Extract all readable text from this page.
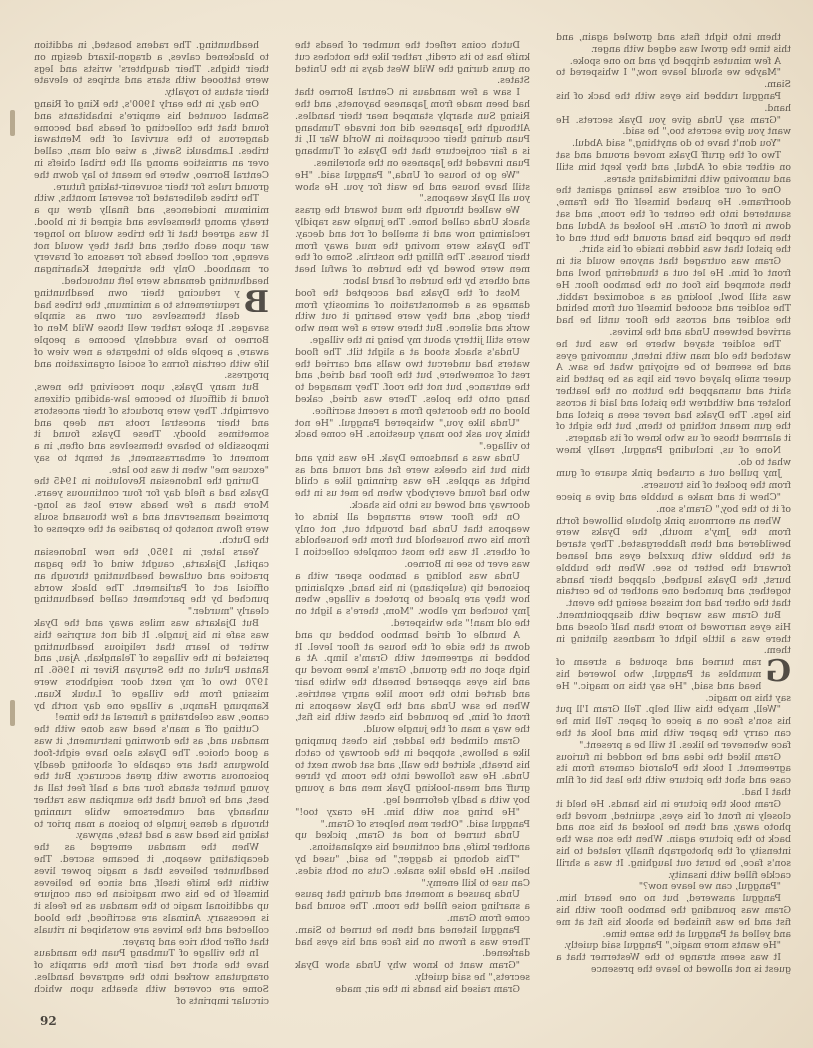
headhunting. The radens boasted, in addition to blackened calves, a dragon-lizard design on their thighs. Their daughters' wrists and legs were tattooed with stars and stripes to elevate their status to royalty.

One day, in the early 1900's, the King of Riang Sambal counted his empire's inhabitants and found that the collecting of heads had become dangerous to the survival of the Mentawai tribes. Lambauki Sawit, a wise old man, called over an armistice among all the tribal chiefs in Central Borneo, where he meant to lay down the ground rules for their souvenir-taking future.

The tribes deliberated for several months, with minimum incidences, and finally drew up a treaty among themselves and signed it in blood. It was agreed that if the tribes would no longer war upon each other, and that they would not avenge, nor collect heads for reasons of bravery or manhood. Only the stringent Kaharingan headhunting demands were left untouched.

B
y reducing their own headhunting requirements to a minimum, the tribes had dealt themselves our own as simple savages. It spoke rather well those Wild Men of Borneo to have suddenly become a people aware, a people able to integrate a new view of life with certain forms of social organization and progress.

But many Dyaks, upon receiving the news, found it difficult to become law-abiding citizens overnight. They were products of their ancestors and their ancestral roots ran deep and sometimes bloody. These Dyaks found it impossible to behave themselves and often, in a moment of embarrassment, at tempt to say "excuse me" when it was too late.

During the Indonesian Revolution in 1945 the Dyaks had a field day for four continuous years. More than a few heads were lost as long-promised manservant and a few thousand souls were flown nonstop to paradise at the expense of the Dutch.

Years later, in 1950, the new Indonesian capital, Djakarta, caught wind of the pagan practice and outlawed headhunting through an official act of Parliament. The black words punched by the parchment called headhunting clearly "murder."

But Djakarta was miles away and the Dyak was safe in his jungle. It did not surprise this writer to learn that religious headhunting persisted in the villages of Telangkah, Ajau, and Rantau Pulut on the Seruyan River in 1966. In 1970 two of my next door neighbors were missing from the village of Lubuk Kuan. Kampung Hampu, a village one day north by canoe, was celebrating a funeral at the time!

Cutting off a man's head was done with the mandau and, as the drowning instrument, it was a good choice. The Dyaks also have eight-foot blowguns that are capable of shooting deadly poisonous arrows with great accuracy. But the young hunter stands four and a half feet tall at best, and he found that the sumpitan was rather unhandy and cumbersome while running through a dense jungle to poison a man prior to taking his head was a bad taste, anyway.

When the mandau emerged as the decapitating weapon, it became sacred. The headhunter believes that a magic power lives within the knife itself, and since he believes himself to be his own magician he can conjure up additional magic to the mandau as he feels it is necessary. Animals are sacrificed, the blood collected and the knives are worshiped in rituals that offer both rice and prayer.

In the village of Tumbang Puan the mandaus have the short red hair from the armpits of orangutans worked into the engraved handles. Some are covered with sheaths upon which circular imprints of

Dutch coins reflect the number of heads the knife has to its credit, rather like the notches cut on guns during the Wild West days in the United States.

I saw a few mandaus in Central Borneo that had been made from Japanese bayonets, and the Rising Sun sharply stamped near their handles. Although the Japanese did not invade Tumbang Puan during their occupation in World War II, it is a fair conjecture that the Dyaks of Tumbang Puan invaded the Japanese on the shorelines.

"We go to house of Unda," Panggul said. "He still have house and he wait for you. He show you all Dyak weapons."

We walked through the mud toward the grass shack Unda called home. The jungle was rapidly reclaiming now and it smelled of rot and decay. The Dyaks were moving the mud away from their houses. The filling the nostrils. Some of the men were bowed by the burden of awful heat and others by the burden of hard labor.

Most of the Dyaks had accepted the food damage as a demonstration of animosity from their gods, and they were bearing it out with work and silence. But there were a few men who were still jittery about my being in the village.

Unda's shack stood at a slight tilt. The flood waters had undercut two walls and carried the rest of somewhere, but the floor had dried, and the entrance, but not the roof. They managed to hang onto the poles. There was dried, caked blood on the doorstep from a recent sacrifice.

"Unda like you," whispered Panggul. "He not think you ask too many questions. He come back to village."

Unda was a handsome Dyak. He was tiny and thin but his cheeks were fat and round and as bright as apples. He was grinning like a child who had found everybody when he met us in the doorway and bowed us into his shack.

On the floor were arranged all kinds of weapons that Unda had brought out, not only from his own household but from the households of others. It was the most complete collection I was ever to see in Borneo.

Unda was holding a bamboo spear with a poisoned tip (sulepitang) in his hand, explaining how they are placed to protect a village, when Jmy touched my elbow. "Mom, there's a light on the old man!" she whispered.

A bundle of dried bamboo bobbed up and down at the side of the house at floor level. It bobbed in agreement with Gram's limp. At a high spot on the ground, Gram's knee moved up and his eyes appeared beneath the white hair and darted into the room like angry sentries. When he saw Unda and the Dyak weapons in front of him, he pounded his chest with his fist, the way a man of the jungle would.

Gram climbed the ladder, his chest pumping like a bellows, stopped in the doorway to catch his breath, skirted the wall, and sat down next to Unda. He was followed into the room by three gruff and mean-looking Dyak men and a young boy with a badly deformed leg.

"He bring son with him. He crazy too!" Panggul said. "Other men helpers of Gram."

Unda turned to nod at Gram, picked up another knife, and continued his explanations.

"This dohong is dagger," he said, "used by belian. He blade like snake. Cuts on both sides. Can use to kill enemy."

Unda paused a moment and during that pause a snarling noise filled the room. The sound had come from Gram.

Panggul listened and then he turned to Siam. There was a frown on his face and his eyes had darkened.

"Gram want to know why Unda show Dyak secrets," he said quietly.

Gram raised his hands in the air, made

them into tight fists and growled again, and this time the growl was edged with anger.

A few minutes dripped by and no one spoke.

"Maybe we should leave now," I whispered to Siam.

Panggul rubbed his eyes with the back of his hand.

"Gram say Unda give you Dyak secrets. He want you give secrets too," he said.

"You don't have to do anything," said Abdul.

Two of the gruff Dyaks moved around and sat on either side of Abdul, and they kept him still and unmoving with intimidating stares.

One of our soldiers was leaning against the doorframe. He pushed himself off the frame, sauntered into the center of the room, and sat down in front of Gram. He looked at Abdul and then he cupped his hand around the butt end of the pistol that was hidden inside of his shirt.

Gram was outraged that anyone would sit in front of him. He let out a thundering howl and then stomped his foot on the bamboo floor. He was still bowl, looking as a sodomized rabbit. The soldier and scooted himself out from behind the soldier and across the floor until he had arrived between Unda and the knives.

The soldier stayed where he was but he watched the old man with intent, unmoving eyes and he seemed to be enjoying what he saw. A queer smile played over his lips as he patted his shirt and unsnapped the button on the leather holster and withdrew the pistol and laid it across his legs. The Dyaks had never seen a pistol and the gun meant nothing to them, but the sight of it alarmed those of us who knew of its dangers.

None of us, including Panggul, really knew what to do.

Jmy pulled out a crushed pink square of gum from the pocket of his trousers.

"Chew it and make a bubble and give a piece of it to the boy," Gram's son.

When an enormous pink globule billowed forth from the Jmy's mouth, the Dyaks were bewildered and then flabbergasted. They stared at the bubble with puzzled eyes and leaned forward the better to see. When the bubble burst, the Dyaks laughed, clapped their hands together, and punched one another to be certain that the other had not missed seeing the event.

But Gram was warped with disappointment. His eyes narrowed to more than half closed and there was a little light of madness glinting in them.

G
ram turned and spouted a stream of mumbles at Panggul, who lowered his head and said, "He say this no magic." He say this no magic.

"Well, maybe this will help. Tell Gram I'll put his son's face on a piece of paper. Tell him he can carry the paper with him and look at the face whenever he likes. It will be a present."

Gram liked the idea and he nodded in furious agreement. I took the Polaroid camera from its case and shot the picture with the last bit of film that I had.

Gram took the picture in his hands. He held it closely in front of his eyes, squinted, moved the photo away, and then he looked at his son and back to the picture again. When the son saw the intensity of the photograph finally related to his son's face, he burst out laughing. It was a shrill cackle filled with insanity.

"Panggul, can we leave now?"

Panggul answered, but no one heard him. Gram was pounding the bamboo floor with his fist and he was finished he shook his fist at me and yelled at Panggul at the same time.

"He wants more magic," Panggul said quietly.

It was seem strange to the Westerner that a guest is not allowed to leave the presence

92
